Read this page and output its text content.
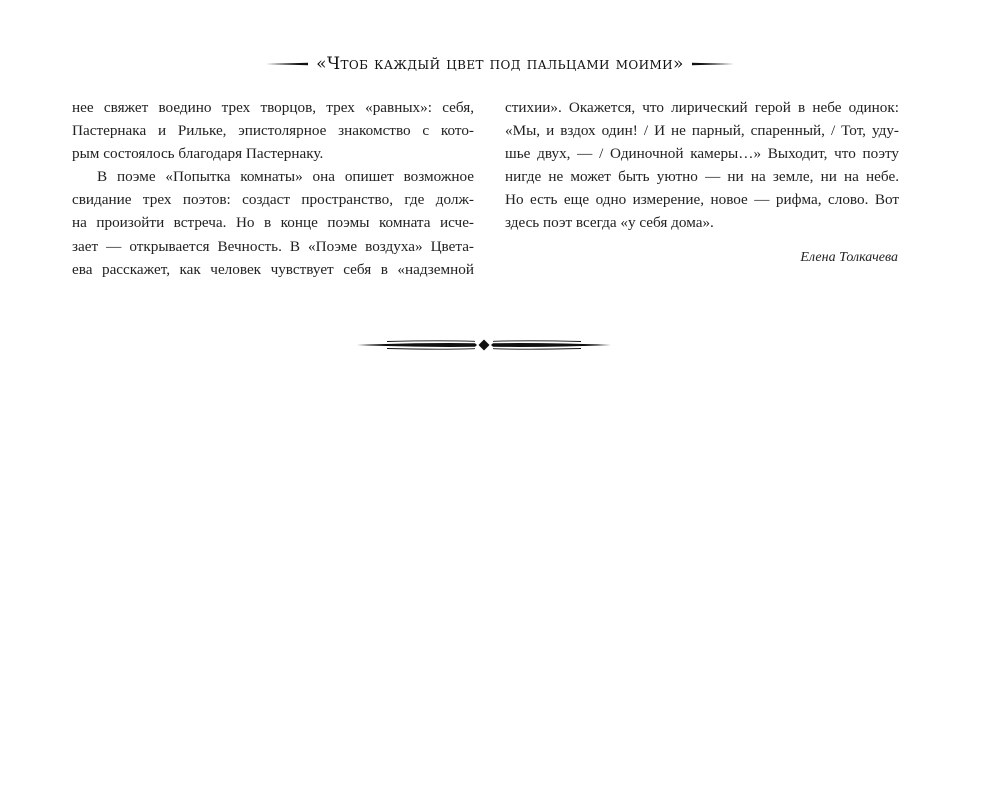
«Чтоб каждый цвет под пальцами моими»

нее свяжет воедино трех творцов, трех «равных»: себя,
Пастернака и Рильке, эпистолярное знакомство с кото-
рым состоялось благодаря Пастернаку.

В поэме «Попытка комнаты» она опишет возможное
свидание трех поэтов: создаст пространство, где долж-
на произойти встреча. Но в конце поэмы комната исче-
зает — открывается Вечность. В «Поэме воздуха» Цвета-
ева расскажет, как человек чувствует себя в «надземной

стихии». Окажется, что лирический герой в небе одинок:
«Мы, и вздох один! / И не парный, спаренный, / Тот, уду-
шье двух, — / Одиночной камеры…» Выходит, что поэту
нигде не может быть уютно — ни на земле, ни на небе.
Но есть еще одно измерение, новое — рифма, слово. Вот
здесь поэт всегда «у себя дома».

Елена Толкачева
